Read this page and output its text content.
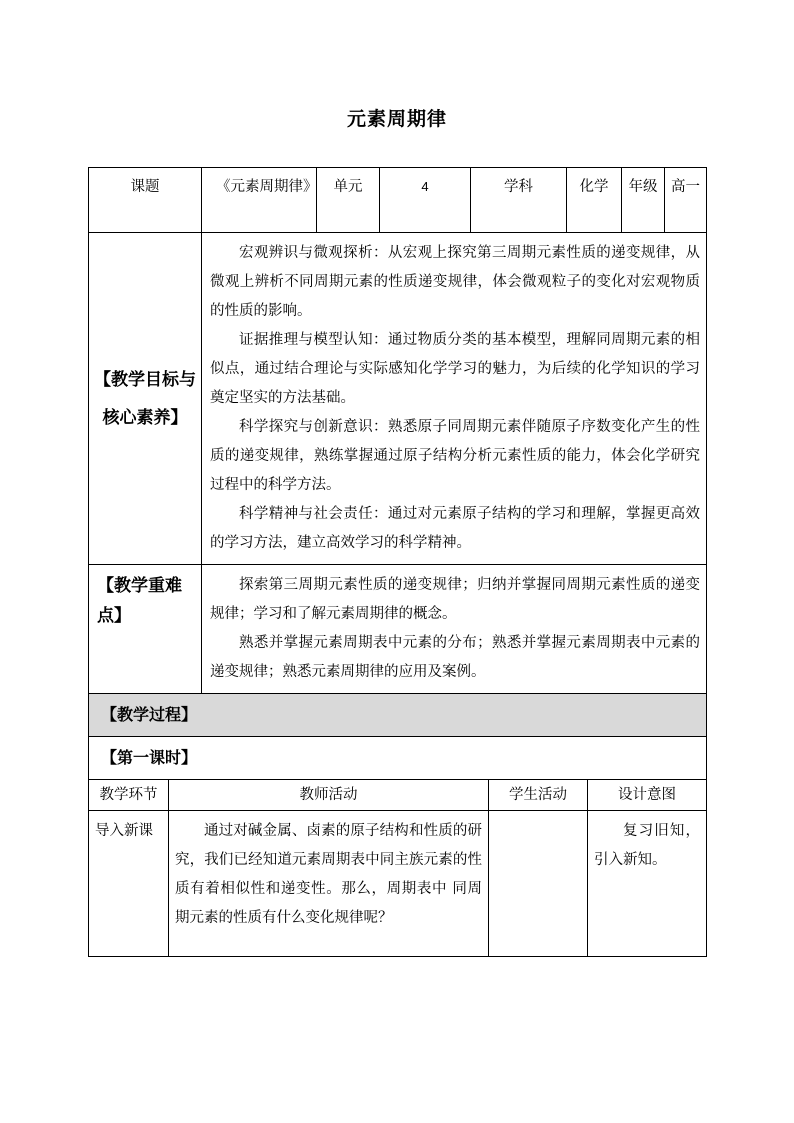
元素周期律
课题	《元素周期律》	单元	4	学科	化学	年级	高一
【教学目标与核心素养】	宏观辨识与微观探析：从宏观上探究第三周期元素性质的递变规律，从微观上辨析不同周期元素的性质递变规律，体会微观粒子的变化对宏观物质的性质的影响。

证据推理与模型认知：通过物质分类的基本模型，理解同周期元素的相似点，通过结合理论与实际感知化学学习的魅力，为后续的化学知识的学习奠定坚实的方法基础。

科学探究与创新意识：熟悉原子同周期元素伴随原子序数变化产生的性质的递变规律，熟练掌握通过原子结构分析元素性质的能力，体会化学研究过程中的科学方法。

科学精神与社会责任：通过对元素原子结构的学习和理解，掌握更高效的学习方法，建立高效学习的科学精神。						

【教学重难点】	探索第三周期元素性质的递变规律；归纳并掌握同周期元素性质的递变规律；学习和了解元素周期律的概念。

熟悉并掌握元素周期表中元素的分布；熟悉并掌握元素周期表中元素的递变规律；熟悉元素周期律的应用及案例。						

【教学过程】							
【第一课时】							
教学环节	教师活动	学生活动	设计意图
导入新课	通过对碱金属、卤素的原子结构和性质的研究，我们已经知道元素周期表中同主族元素的性质有着相似性和递变性。那么，周期表中 同周期元素的性质有什么变化规律呢？		复习旧知，引入新知。
